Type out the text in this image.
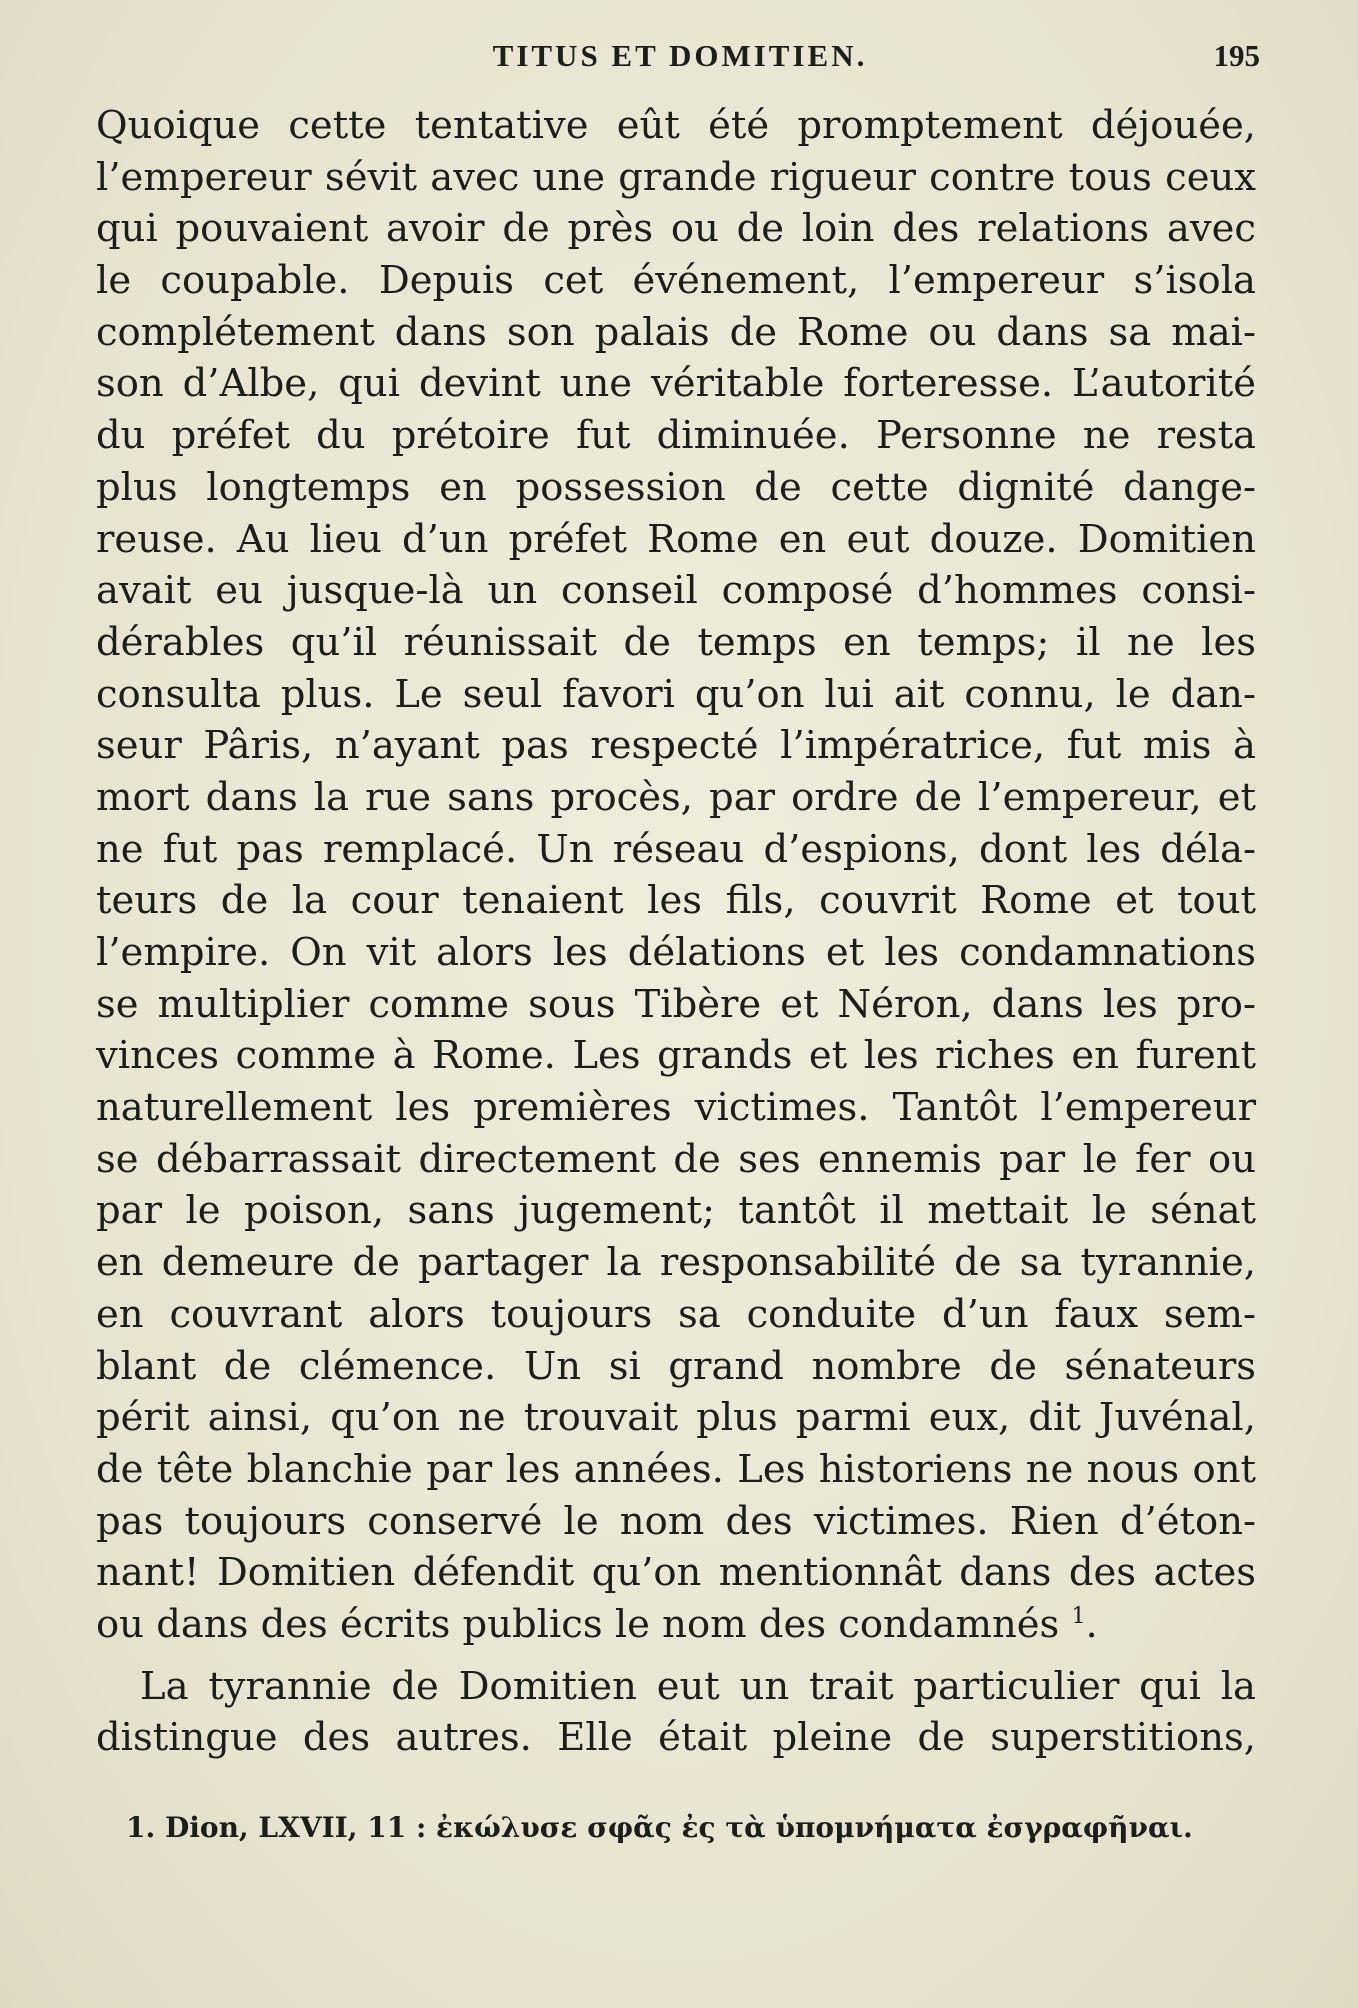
TITUS ET DOMITIEN.	195
Quoique cette tentative eût été promptement déjouée,
l’empereur sévit avec une grande rigueur contre tous ceux
qui pouvaient avoir de près ou de loin des relations avec
le coupable. Depuis cet événement, l’empereur s’isola
complétement dans son palais de Rome ou dans sa mai-
son d’Albe, qui devint une véritable forteresse. L’autorité
du préfet du prétoire fut diminuée. Personne ne resta
plus longtemps en possession de cette dignité dange-
reuse. Au lieu d’un préfet Rome en eut douze. Domitien
avait eu jusque-là un conseil composé d’hommes consi-
dérables qu’il réunissait de temps en temps; il ne les
consulta plus. Le seul favori qu’on lui ait connu, le dan-
seur Pâris, n’ayant pas respecté l’impératrice, fut mis à
mort dans la rue sans procès, par ordre de l’empereur, et
ne fut pas remplacé. Un réseau d’espions, dont les déla-
teurs de la cour tenaient les fils, couvrit Rome et tout
l’empire. On vit alors les délations et les condamnations
se multiplier comme sous Tibère et Néron, dans les pro-
vinces comme à Rome. Les grands et les riches en furent
naturellement les premières victimes. Tantôt l’empereur
se débarrassait directement de ses ennemis par le fer ou
par le poison, sans jugement; tantôt il mettait le sénat
en demeure de partager la responsabilité de sa tyrannie,
en couvrant alors toujours sa conduite d’un faux sem-
blant de clémence. Un si grand nombre de sénateurs
périt ainsi, qu’on ne trouvait plus parmi eux, dit Juvénal,
de tête blanchie par les années. Les historiens ne nous ont
pas toujours conservé le nom des victimes. Rien d’éton-
nant! Domitien défendit qu’on mentionnât dans des actes
ou dans des écrits publics le nom des condamnés $^1$.
La tyrannie de Domitien eut un trait particulier qui la
distingue des autres. Elle était pleine de superstitions,
1. Dion, LXVII, 11 : ἐκώλυσε σφᾶς ἐς τὰ ὑπομνήματα ἐσγραφῆναι.
